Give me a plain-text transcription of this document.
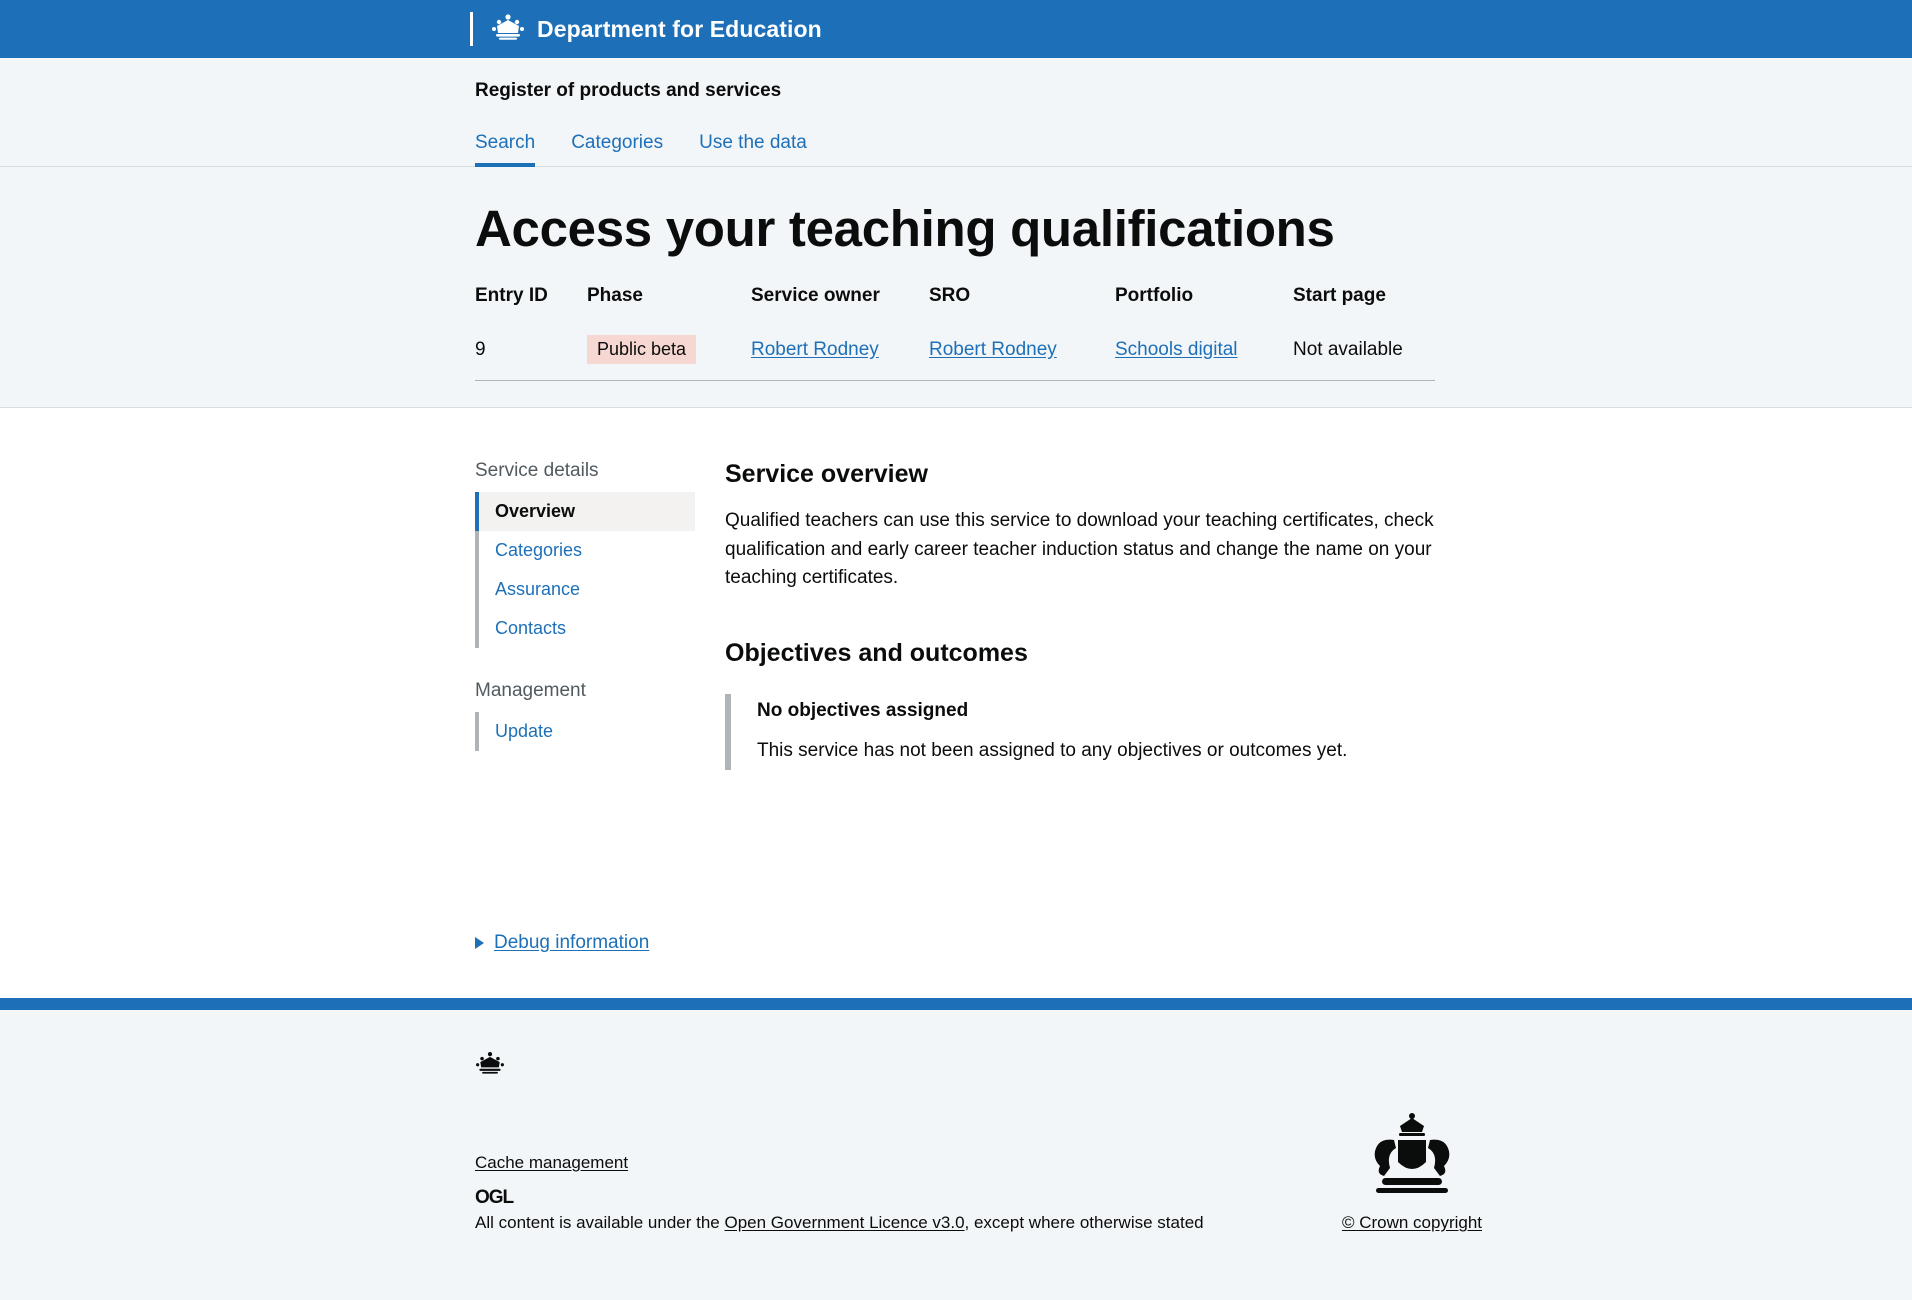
Department for Education
Register of products and services
Search Categories Use the data
Access your teaching qualifications
Entry ID	Phase	Service owner	SRO	Portfolio	Start page
9	Public beta	Robert Rodney	Robert Rodney	Schools digital	Not available
Service details
Overview
Categories
Assurance
Contacts
Management
Update
Service overview

Qualified teachers can use this service to download your teaching certificates, check qualification and early career teacher induction status and change the name on your teaching certificates.

Objectives and outcomes
No objectives assigned

This service has not been assigned to any objectives or outcomes yet.

Debug information
Cache management
OGL
All content is available under the Open Government Licence v3.0, except where otherwise stated	© Crown copyright
